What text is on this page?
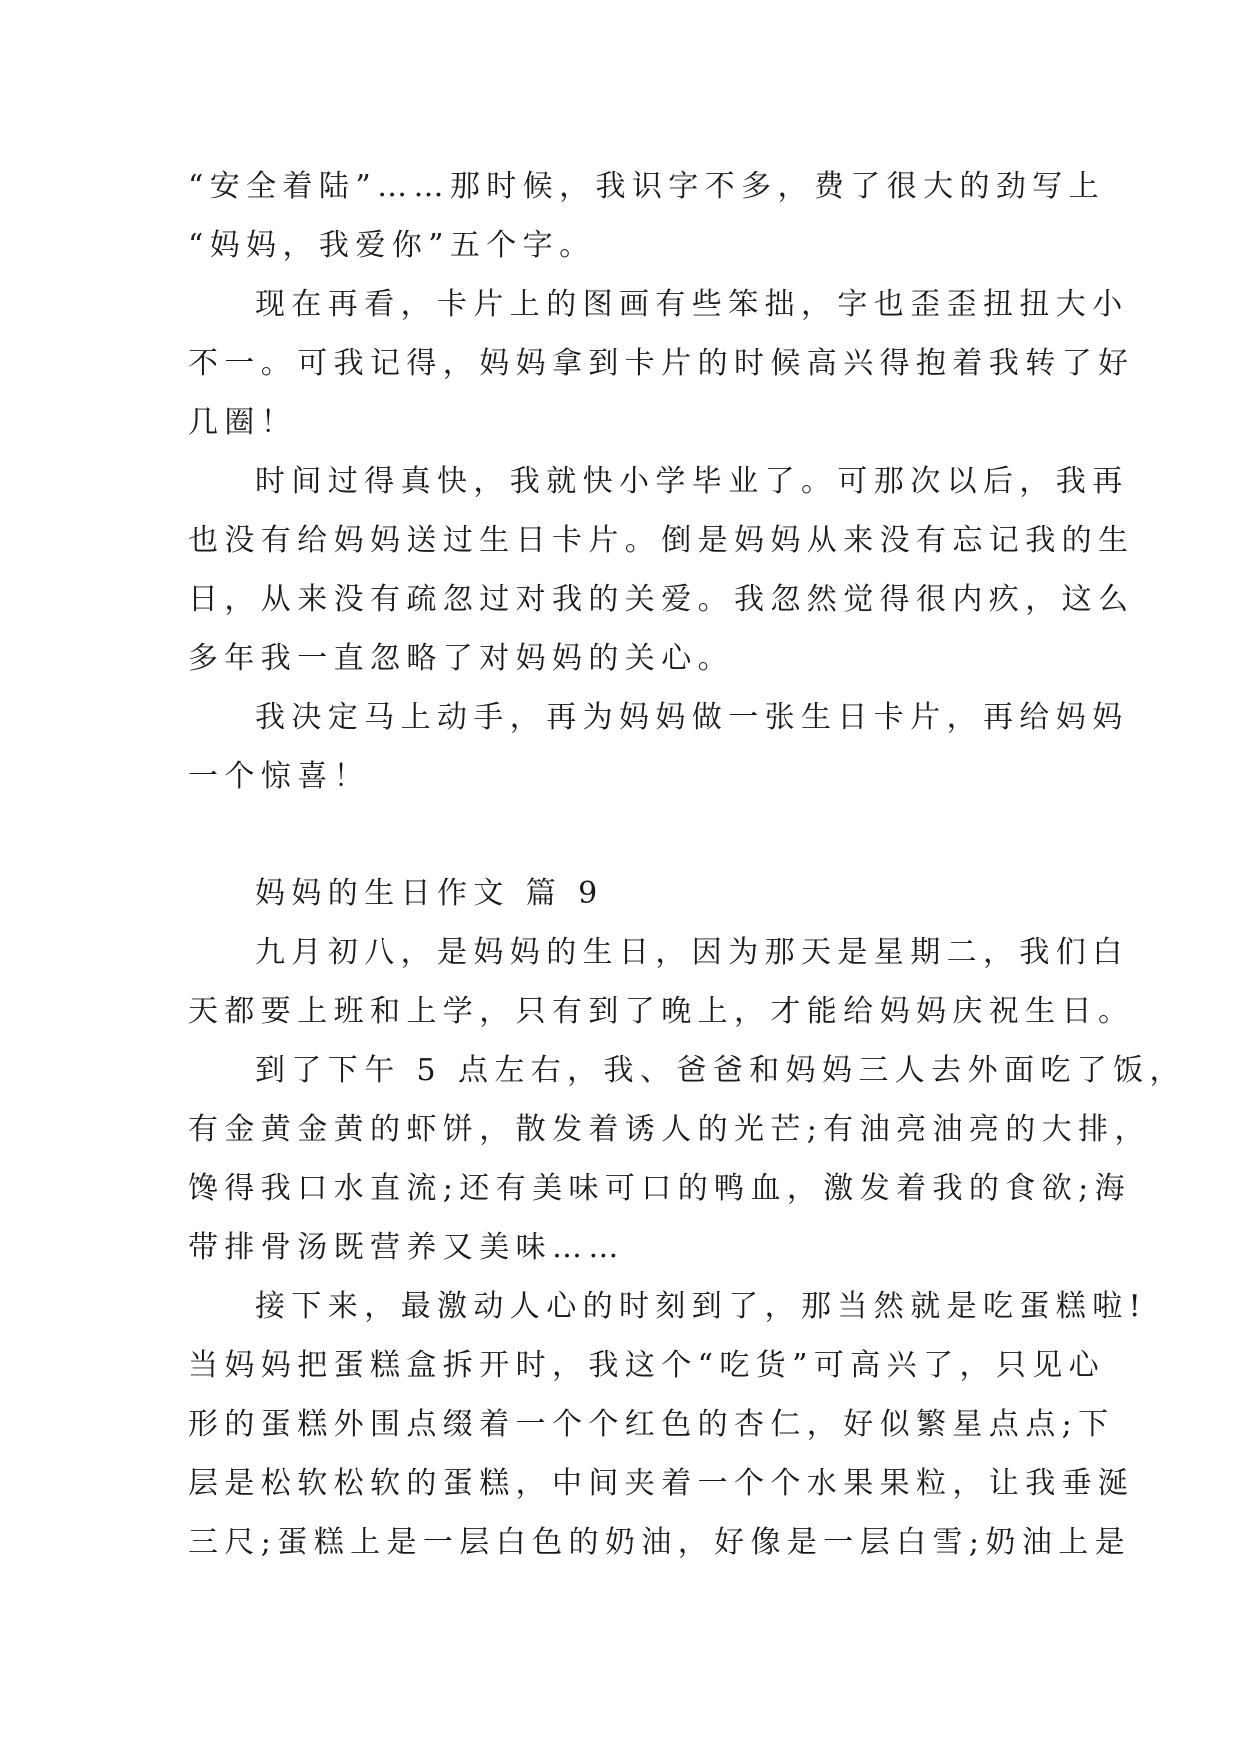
“安全着陆”……那时候，我识字不多，费了很大的劲写上
“妈妈，我爱你”五个字。
现在再看，卡片上的图画有些笨拙，字也歪歪扭扭大小
不一。可我记得，妈妈拿到卡片的时候高兴得抱着我转了好
几圈！
时间过得真快，我就快小学毕业了。可那次以后，我再
也没有给妈妈送过生日卡片。倒是妈妈从来没有忘记我的生
日，从来没有疏忽过对我的关爱。我忽然觉得很内疚，这么
多年我一直忽略了对妈妈的关心。
我决定马上动手，再为妈妈做一张生日卡片，再给妈妈
一个惊喜！
妈妈的生日作文 篇 9
九月初八，是妈妈的生日，因为那天是星期二，我们白
天都要上班和上学，只有到了晚上，才能给妈妈庆祝生日。
到了下午 5 点左右，我、爸爸和妈妈三人去外面吃了饭，
有金黄金黄的虾饼，散发着诱人的光芒;有油亮油亮的大排，
馋得我口水直流;还有美味可口的鸭血，激发着我的食欲;海
带排骨汤既营养又美味……
接下来，最激动人心的时刻到了，那当然就是吃蛋糕啦!
当妈妈把蛋糕盒拆开时，我这个“吃货”可高兴了，只见心
形的蛋糕外围点缀着一个个红色的杏仁，好似繁星点点;下
层是松软松软的蛋糕，中间夹着一个个水果果粒，让我垂涎
三尺;蛋糕上是一层白色的奶油，好像是一层白雪;奶油上是
